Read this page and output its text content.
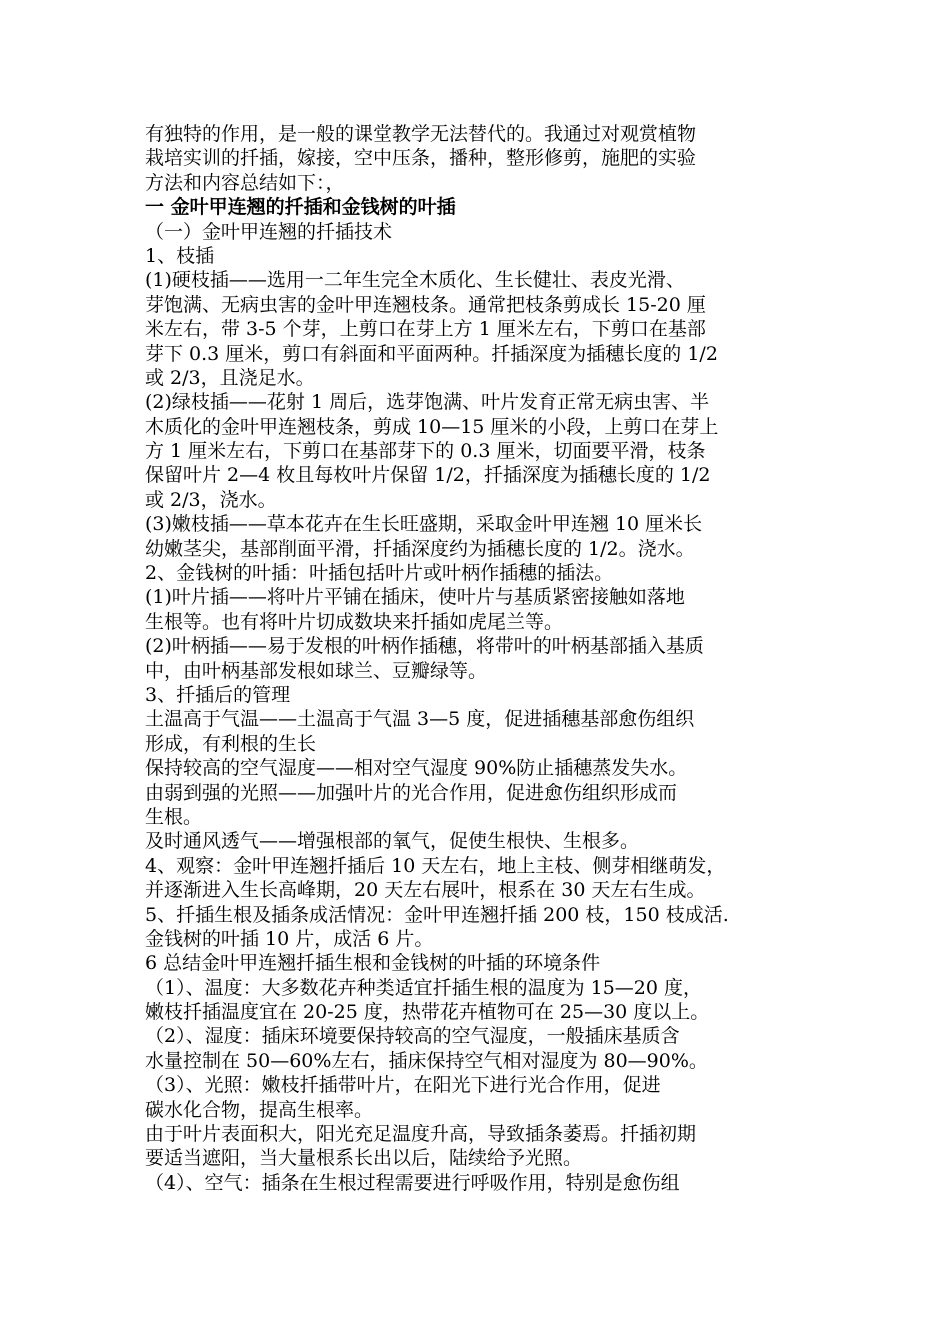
有独特的作用，是一般的课堂教学无法替代的。我通过对观赏植物
栽培实训的扦插，嫁接，空中压条，播种，整形修剪，施肥的实验
方法和内容总结如下：，
一 金叶甲连翘的扦插和金钱树的叶插
（一）金叶甲连翘的扦插技术
1、枝插
(1)硬枝插——选用一二年生完全木质化、生长健壮、表皮光滑、
芽饱满、无病虫害的金叶甲连翘枝条。通常把枝条剪成长 15-20 厘
米左右，带 3-5 个芽，上剪口在芽上方 1 厘米左右，下剪口在基部
芽下 0.3 厘米，剪口有斜面和平面两种。扦插深度为插穗长度的 1/2
或 2/3，且浇足水。
(2)绿枝插——花射 1 周后，选芽饱满、叶片发育正常无病虫害、半
木质化的金叶甲连翘枝条，剪成 10—15 厘米的小段，上剪口在芽上
方 1 厘米左右，下剪口在基部芽下的 0.3 厘米，切面要平滑，枝条
保留叶片 2—4 枚且每枚叶片保留 1/2，扦插深度为插穗长度的 1/2
或 2/3，浇水。
(3)嫩枝插——草本花卉在生长旺盛期，采取金叶甲连翘 10 厘米长
幼嫩茎尖，基部削面平滑，扦插深度约为插穗长度的 1/2。浇水。
2、金钱树的叶插：叶插包括叶片或叶柄作插穗的插法。
(1)叶片插——将叶片平铺在插床，使叶片与基质紧密接触如落地
生根等。也有将叶片切成数块来扦插如虎尾兰等。
(2)叶柄插——易于发根的叶柄作插穗，将带叶的叶柄基部插入基质
中，由叶柄基部发根如球兰、豆瓣绿等。
3、扦插后的管理
土温高于气温——土温高于气温 3—5 度，促进插穗基部愈伤组织
形成，有利根的生长
保持较高的空气湿度——相对空气湿度 90%防止插穗蒸发失水。
由弱到强的光照——加强叶片的光合作用，促进愈伤组织形成而
生根。
及时通风透气——增强根部的氧气，促使生根快、生根多。
4、观察：金叶甲连翘扦插后 10 天左右，地上主枝、侧芽相继萌发，
并逐渐进入生长高峰期，20 天左右展叶，根系在 30 天左右生成。
5、扦插生根及插条成活情况：金叶甲连翘扦插 200 枝，150 枝成活.
金钱树的叶插 10 片，成活 6 片。
6 总结金叶甲连翘扦插生根和金钱树的叶插的环境条件
（1）、温度：大多数花卉种类适宜扦插生根的温度为 15—20 度，
嫩枝扦插温度宜在 20-25 度，热带花卉植物可在 25—30 度以上。
（2）、湿度：插床环境要保持较高的空气湿度，一般插床基质含
水量控制在 50—60%左右，插床保持空气相对湿度为 80—90%。
（3）、光照：嫩枝扦插带叶片，在阳光下进行光合作用，促进
碳水化合物，提高生根率。
由于叶片表面积大，阳光充足温度升高，导致插条萎焉。扦插初期
要适当遮阳，当大量根系长出以后，陆续给予光照。
（4）、空气：插条在生根过程需要进行呼吸作用，特别是愈伤组
